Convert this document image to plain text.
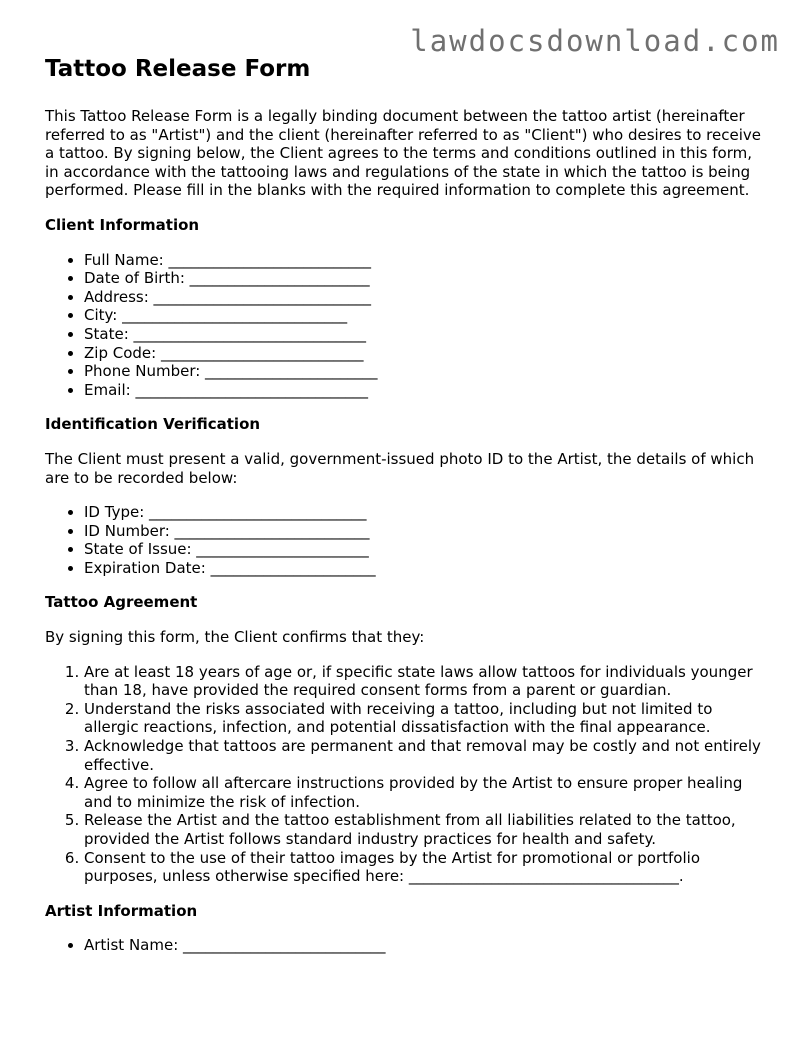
lawdocsdownload.com
Tattoo Release Form

This Tattoo Release Form is a legally binding document between the tattoo artist (hereinafter referred to as "Artist") and the client (hereinafter referred to as "Client") who desires to receive a tattoo. By signing below, the Client agrees to the terms and conditions outlined in this form, in accordance with the tattooing laws and regulations of the state in which the tattoo is being performed. Please fill in the blanks with the required information to complete this agreement.

Client Information
• Full Name: ___________________________
• Date of Birth: ________________________
• Address: _____________________________
• City: ______________________________
• State: _______________________________
• Zip Code: ___________________________
• Phone Number: _______________________
• Email: _______________________________
Identification Verification

The Client must present a valid, government-issued photo ID to the Artist, the details of which are to be recorded below:

• ID Type: _____________________________
• ID Number: __________________________
• State of Issue: _______________________
• Expiration Date: ______________________
Tattoo Agreement

By signing this form, the Client confirms that they:

1. Are at least 18 years of age or, if specific state laws allow tattoos for individuals younger than 18, have provided the required consent forms from a parent or guardian.
2. Understand the risks associated with receiving a tattoo, including but not limited to allergic reactions, infection, and potential dissatisfaction with the final appearance.
3. Acknowledge that tattoos are permanent and that removal may be costly and not entirely effective.
4. Agree to follow all aftercare instructions provided by the Artist to ensure proper healing and to minimize the risk of infection.
5. Release the Artist and the tattoo establishment from all liabilities related to the tattoo, provided the Artist follows standard industry practices for health and safety.
6. Consent to the use of their tattoo images by the Artist for promotional or portfolio purposes, unless otherwise specified here: ____________________________________.
Artist Information
• Artist Name: ___________________________
